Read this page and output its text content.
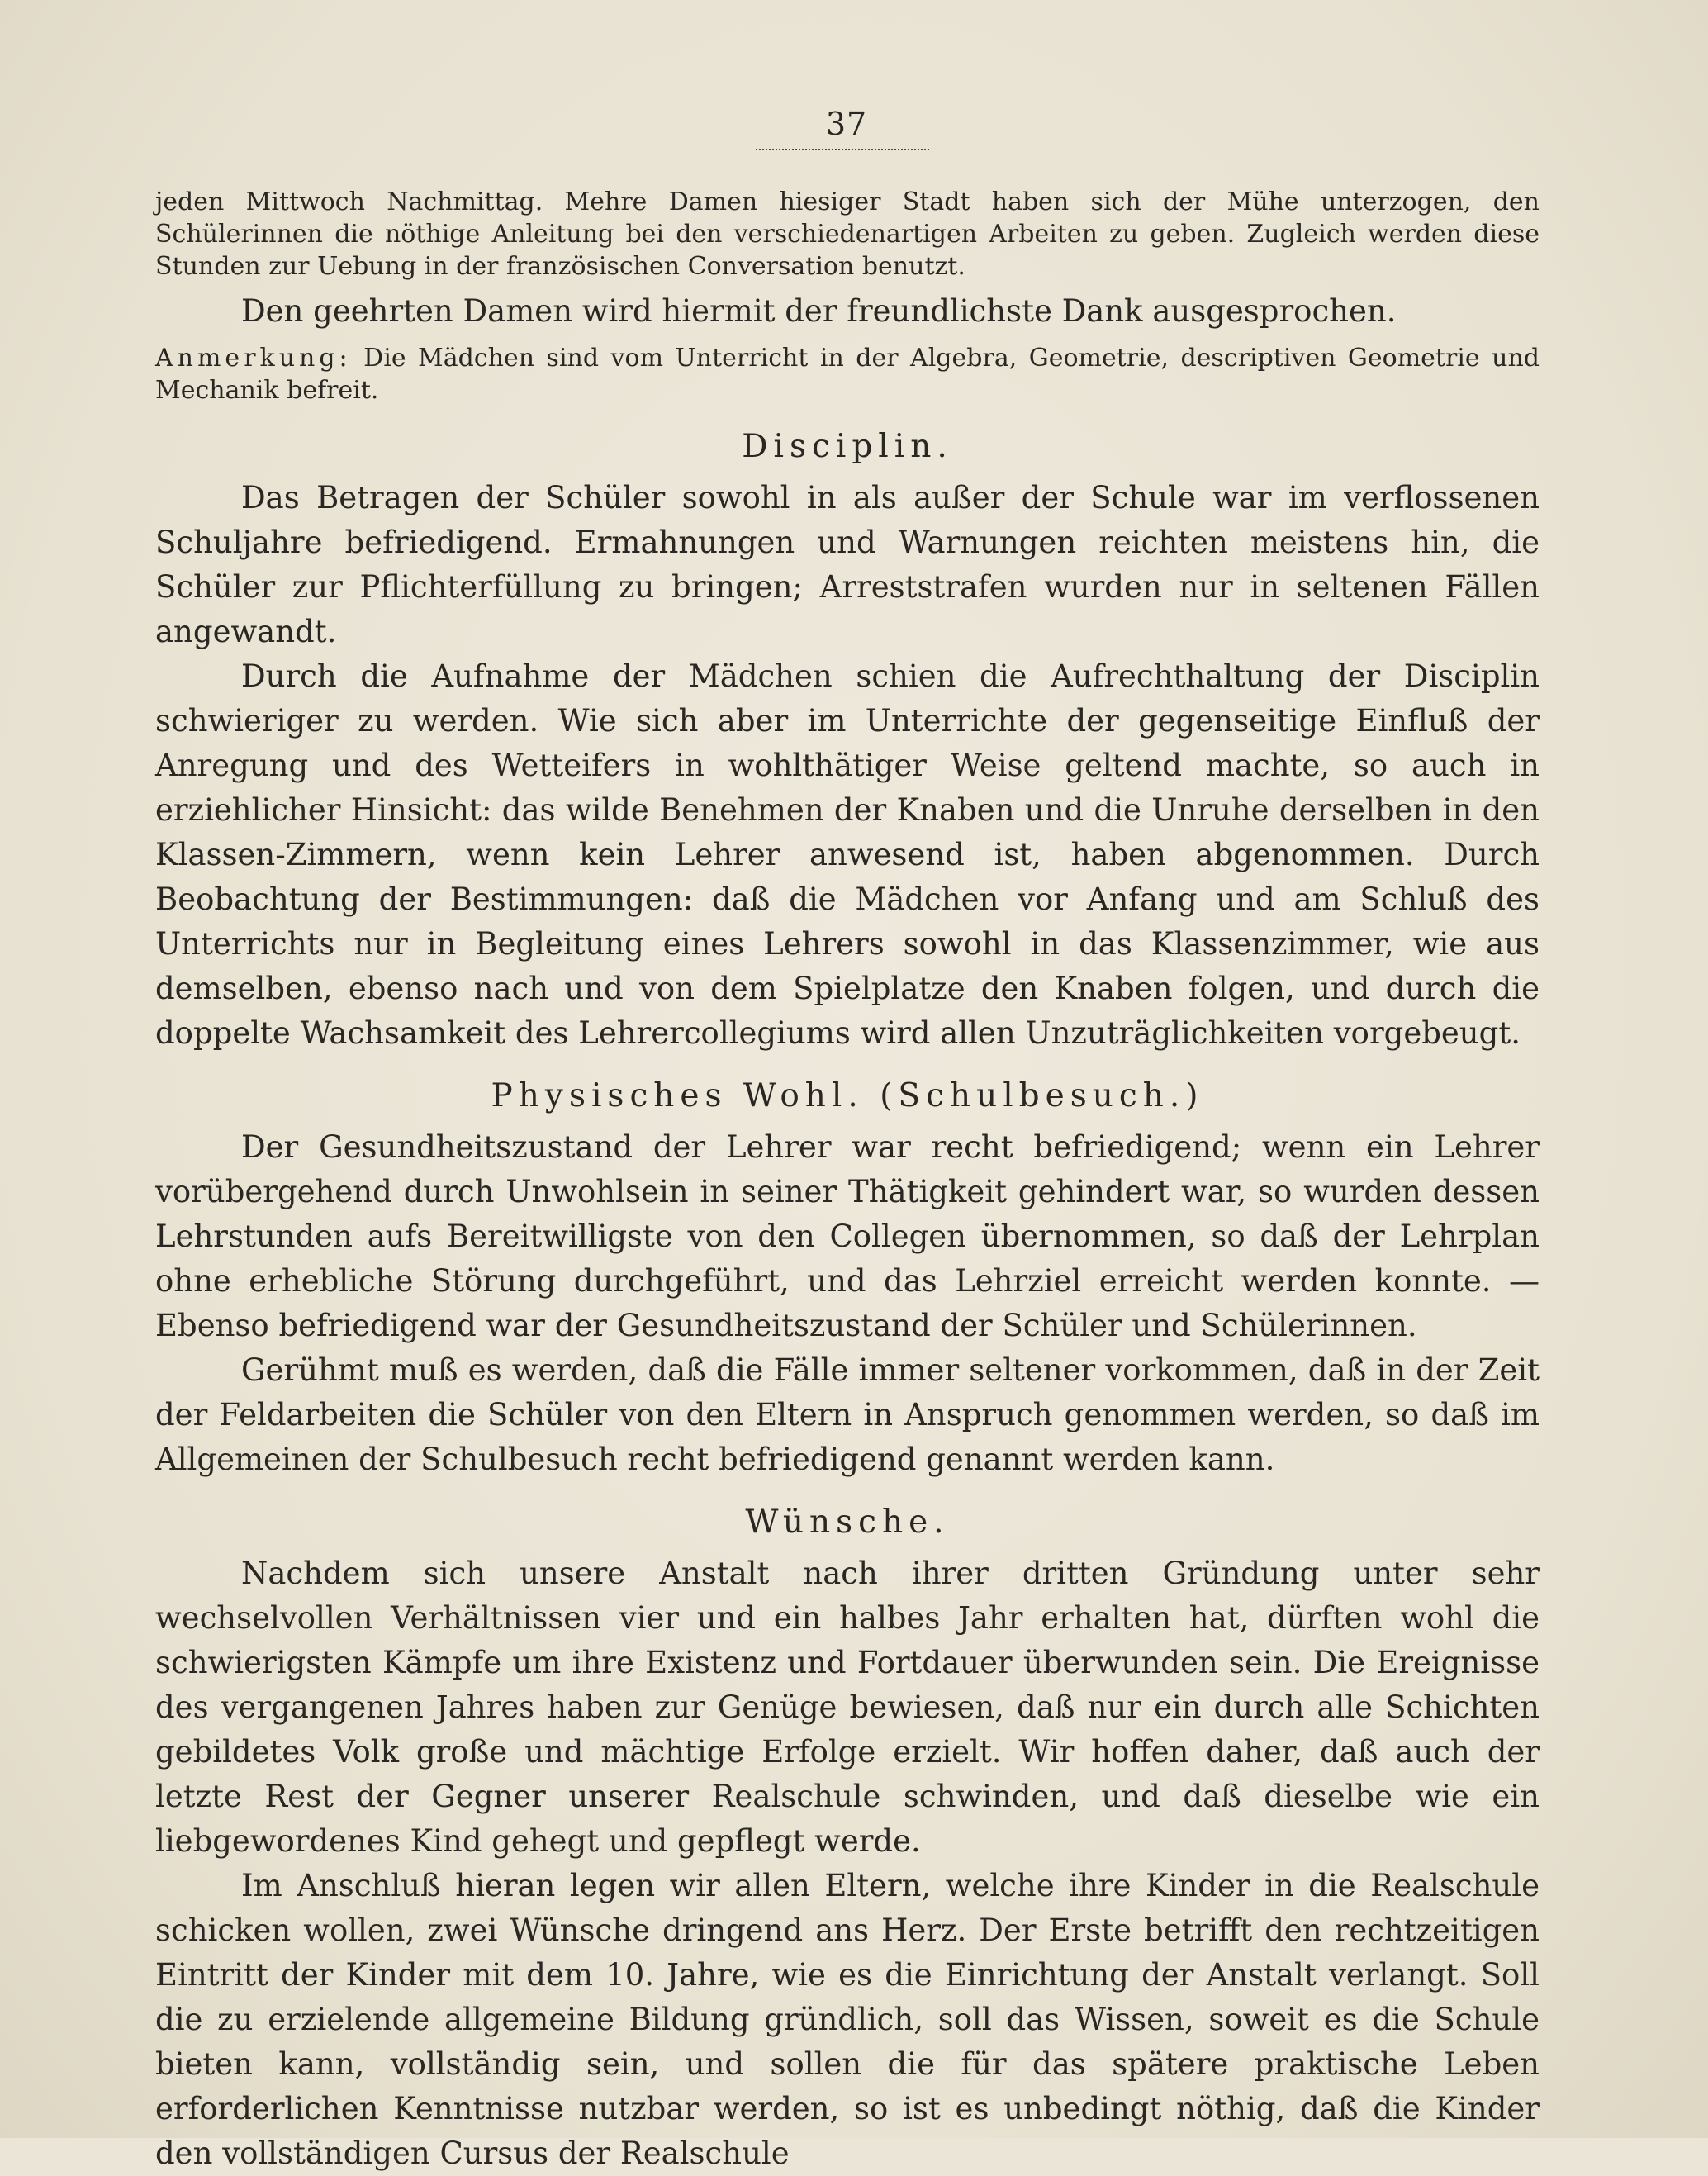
37

jeden Mittwoch Nachmittag. Mehre Damen hiesiger Stadt haben sich der Mühe unterzogen, den Schülerinnen die nöthige Anleitung bei den verschiedenartigen Arbeiten zu geben. Zugleich werden diese Stunden zur Uebung in der französischen Conversation benutzt.

Den geehrten Damen wird hiermit der freundlichste Dank ausgesprochen.

Anmerkung: Die Mädchen sind vom Unterricht in der Algebra, Geometrie, descriptiven Geometrie und Mechanik befreit.

Disciplin.

Das Betragen der Schüler sowohl in als außer der Schule war im verflossenen Schuljahre befriedigend. Ermahnungen und Warnungen reichten meistens hin, die Schüler zur Pflichterfüllung zu bringen; Arreststrafen wurden nur in seltenen Fällen angewandt.

Durch die Aufnahme der Mädchen schien die Aufrechthaltung der Disciplin schwieriger zu werden. Wie sich aber im Unterrichte der gegenseitige Einfluß der Anregung und des Wetteifers in wohlthätiger Weise geltend machte, so auch in erziehlicher Hinsicht: das wilde Benehmen der Knaben und die Unruhe derselben in den Klassen-Zimmern, wenn kein Lehrer anwesend ist, haben abgenommen. Durch Beobachtung der Bestimmungen: daß die Mädchen vor Anfang und am Schluß des Unterrichts nur in Begleitung eines Lehrers sowohl in das Klassenzimmer, wie aus demselben, ebenso nach und von dem Spielplatze den Knaben folgen, und durch die doppelte Wachsamkeit des Lehrercollegiums wird allen Unzuträglichkeiten vorgebeugt.

Physisches Wohl. (Schulbesuch.)

Der Gesundheitszustand der Lehrer war recht befriedigend; wenn ein Lehrer vorübergehend durch Unwohlsein in seiner Thätigkeit gehindert war, so wurden dessen Lehrstunden aufs Bereitwilligste von den Collegen übernommen, so daß der Lehrplan ohne erhebliche Störung durchgeführt, und das Lehrziel erreicht werden konnte. — Ebenso befriedigend war der Gesundheitszustand der Schüler und Schülerinnen.

Gerühmt muß es werden, daß die Fälle immer seltener vorkommen, daß in der Zeit der Feldarbeiten die Schüler von den Eltern in Anspruch genommen werden, so daß im Allgemeinen der Schulbesuch recht befriedigend genannt werden kann.

Wünsche.

Nachdem sich unsere Anstalt nach ihrer dritten Gründung unter sehr wechselvollen Verhältnissen vier und ein halbes Jahr erhalten hat, dürften wohl die schwierigsten Kämpfe um ihre Existenz und Fortdauer überwunden sein. Die Ereignisse des vergangenen Jahres haben zur Genüge bewiesen, daß nur ein durch alle Schichten gebildetes Volk große und mächtige Erfolge erzielt. Wir hoffen daher, daß auch der letzte Rest der Gegner unserer Realschule schwinden, und daß dieselbe wie ein liebgewordenes Kind gehegt und gepflegt werde.

Im Anschluß hieran legen wir allen Eltern, welche ihre Kinder in die Realschule schicken wollen, zwei Wünsche dringend ans Herz. Der Erste betrifft den rechtzeitigen Eintritt der Kinder mit dem 10. Jahre, wie es die Einrichtung der Anstalt verlangt. Soll die zu erzielende allgemeine Bildung gründlich, soll das Wissen, soweit es die Schule bieten kann, vollständig sein, und sollen die für das spätere praktische Leben erforderlichen Kenntnisse nutzbar werden, so ist es unbedingt nöthig, daß die Kinder den vollständigen Cursus der Realschule
